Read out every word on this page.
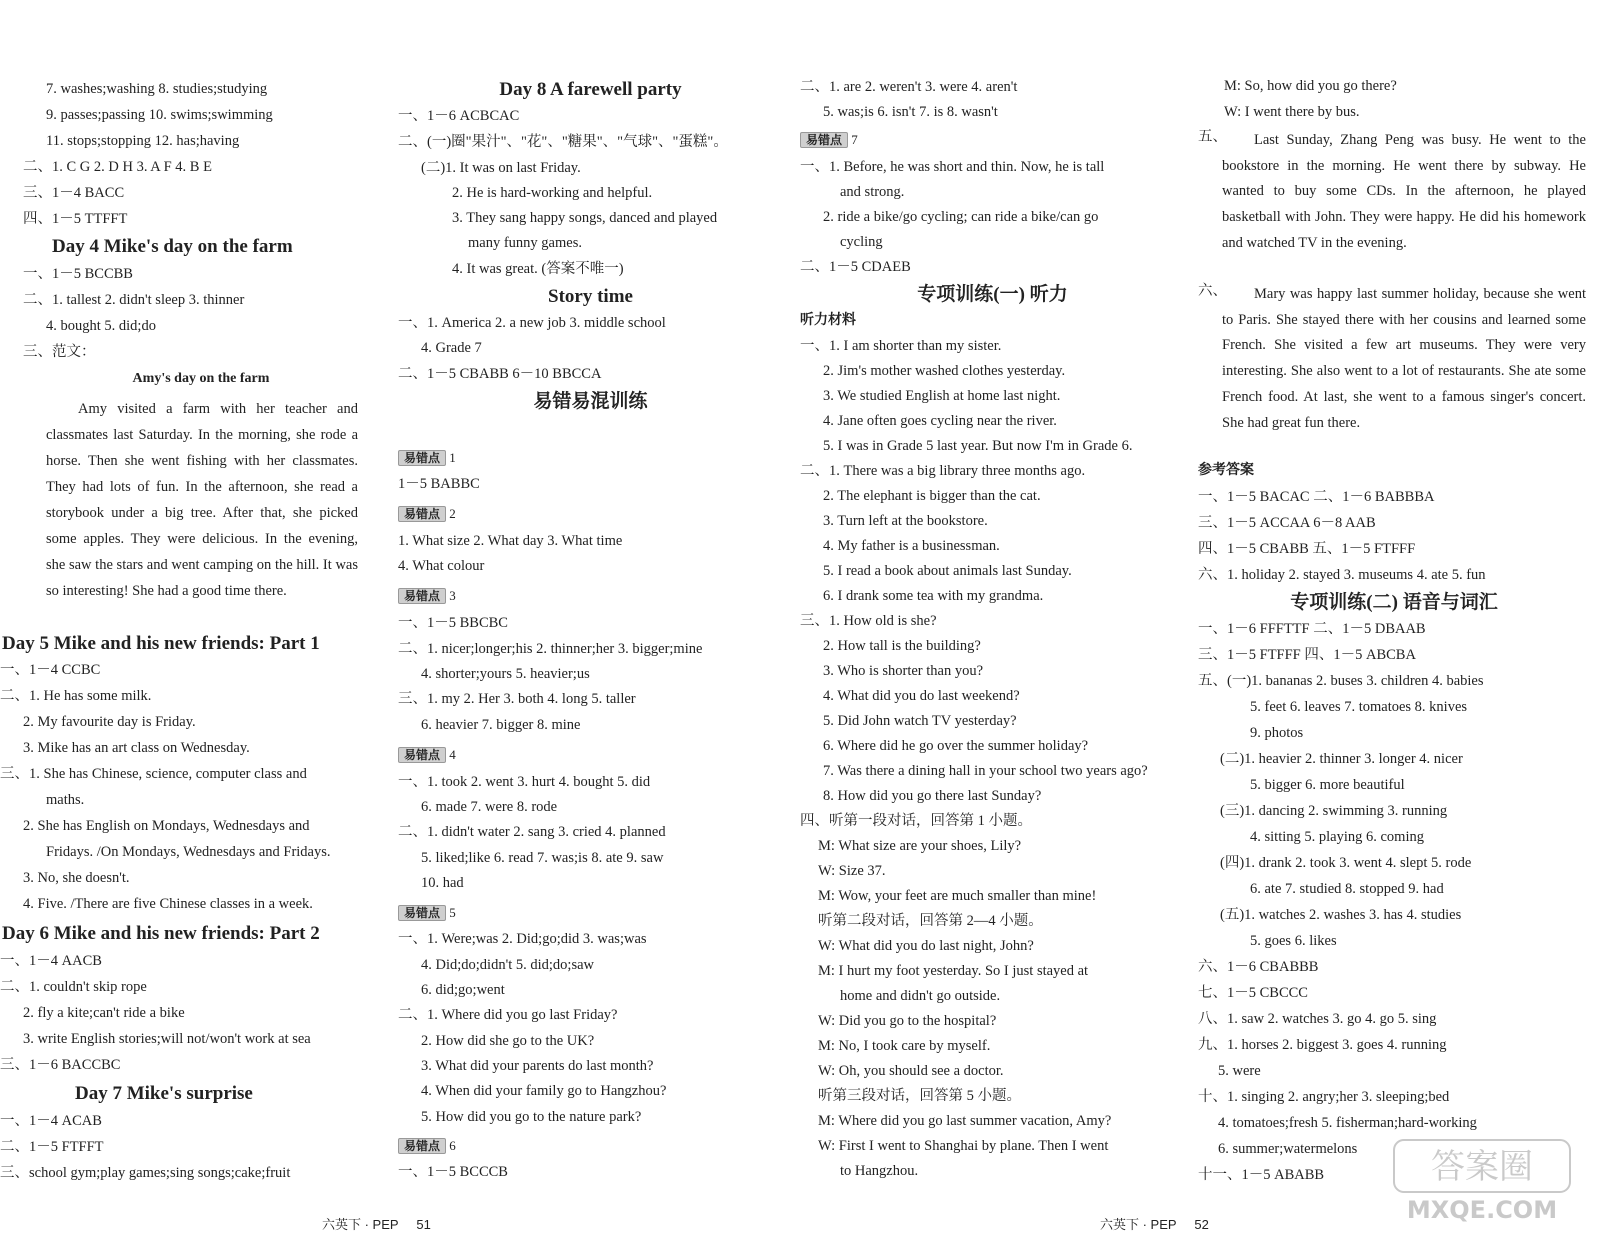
7. washes;washing 8. studies;studying
9. passes;passing 10. swims;swimming
11. stops;stopping 12. has;having
二、1. C G 2. D H 3. A F 4. B E
三、1－4 BACC
四、1－5 TTFFT
Day 4 Mike's day on the farm
一、1－5 BCCBB
二、1. tallest 2. didn't sleep 3. thinner
4. bought 5. did;do
三、范文：
Amy's day on the farm
Amy visited a farm with her teacher and classmates last Saturday. In the morning, she rode a horse. Then she went fishing with her classmates. They had lots of fun. In the afternoon, she read a storybook under a big tree. After that, she picked some apples. They were delicious. In the evening, she saw the stars and went camping on the hill. It was so interesting! She had a good time there.
Day 5 Mike and his new friends: Part 1
一、1－4 CCBC
二、1. He has some milk.
2. My favourite day is Friday.
3. Mike has an art class on Wednesday.
三、1. She has Chinese, science, computer class and
maths.
2. She has English on Mondays, Wednesdays and
Fridays. /On Mondays, Wednesdays and Fridays.
3. No, she doesn't.
4. Five. /There are five Chinese classes in a week.
Day 6 Mike and his new friends: Part 2
一、1－4 AACB
二、1. couldn't skip rope
2. fly a kite;can't ride a bike
3. write English stories;will not/won't work at sea
三、1－6 BACCBC
Day 7 Mike's surprise
一、1－4 ACAB
二、1－5 FTFFT
三、school gym;play games;sing songs;cake;fruit
Day 8 A farewell party
一、1－6 ACBCAC
二、(一)圈"果汁"、"花"、"糖果"、"气球"、"蛋糕"。
(二)1. It was on last Friday.
2. He is hard-working and helpful.
3. They sang happy songs, danced and played
many funny games.
4. It was great. (答案不唯一)
Story time
一、1. America 2. a new job 3. middle school
4. Grade 7
二、1－5 CBABB 6－10 BBCCA
易错易混训练
易错点 1
1－5 BABBC
易错点 2
1. What size 2. What day 3. What time
4. What colour
易错点 3
一、1－5 BBCBC
二、1. nicer;longer;his 2. thinner;her 3. bigger;mine
4. shorter;yours 5. heavier;us
三、1. my 2. Her 3. both 4. long 5. taller
6. heavier 7. bigger 8. mine
易错点 4
一、1. took 2. went 3. hurt 4. bought 5. did
6. made 7. were 8. rode
二、1. didn't water 2. sang 3. cried 4. planned
5. liked;like 6. read 7. was;is 8. ate 9. saw
10. had
易错点 5
一、1. Were;was 2. Did;go;did 3. was;was
4. Did;do;didn't 5. did;do;saw
6. did;go;went
二、1. Where did you go last Friday?
2. How did she go to the UK?
3. What did your parents do last month?
4. When did your family go to Hangzhou?
5. How did you go to the nature park?
易错点 6
一、1－5 BCCCB
二、1. are 2. weren't 3. were 4. aren't
5. was;is 6. isn't 7. is 8. wasn't
易错点 7
一、1. Before, he was short and thin. Now, he is tall
and strong.
2. ride a bike/go cycling; can ride a bike/can go
cycling
二、1－5 CDAEB
专项训练(一) 听力
听力材料
一、1. I am shorter than my sister.
2. Jim's mother washed clothes yesterday.
3. We studied English at home last night.
4. Jane often goes cycling near the river.
5. I was in Grade 5 last year. But now I'm in Grade 6.
二、1. There was a big library three months ago.
2. The elephant is bigger than the cat.
3. Turn left at the bookstore.
4. My father is a businessman.
5. I read a book about animals last Sunday.
6. I drank some tea with my grandma.
三、1. How old is she?
2. How tall is the building?
3. Who is shorter than you?
4. What did you do last weekend?
5. Did John watch TV yesterday?
6. Where did he go over the summer holiday?
7. Was there a dining hall in your school two years ago?
8. How did you go there last Sunday?
四、听第一段对话，回答第 1 小题。
M: What size are your shoes, Lily?
W: Size 37.
M: Wow, your feet are much smaller than mine!
听第二段对话，回答第 2—4 小题。
W: What did you do last night, John?
M: I hurt my foot yesterday. So I just stayed at
home and didn't go outside.
W: Did you go to the hospital?
M: No, I took care by myself.
W: Oh, you should see a doctor.
听第三段对话，回答第 5 小题。
M: Where did you go last summer vacation, Amy?
W: First I went to Shanghai by plane. Then I went
to Hangzhou.
M: So, how did you go there?
W: I went there by bus.
五、	Last Sunday, Zhang Peng was busy. He went to the bookstore in the morning. He went there by subway. He wanted to buy some CDs. In the afternoon, he played basketball with John. They were happy. He did his homework and watched TV in the evening.
六、	Mary was happy last summer holiday, because she went to Paris. She stayed there with her cousins and learned some French. She visited a few art museums. They were very interesting. She also went to a lot of restaurants. She ate some French food. At last, she went to a famous singer's concert. She had great fun there.
参考答案
一、1－5 BACAC 二、1－6 BABBBA
三、1－5 ACCAA 6－8 AAB
四、1－5 CBABB 五、1－5 FTFFF
六、1. holiday 2. stayed 3. museums 4. ate 5. fun
专项训练(二) 语音与词汇
一、1－6 FFFTTF 二、1－5 DBAAB
三、1－5 FTFFF 四、1－5 ABCBA
五、(一)1. bananas 2. buses 3. children 4. babies
5. feet 6. leaves 7. tomatoes 8. knives
9. photos
(二)1. heavier 2. thinner 3. longer 4. nicer
5. bigger 6. more beautiful
(三)1. dancing 2. swimming 3. running
4. sitting 5. playing 6. coming
(四)1. drank 2. took 3. went 4. slept 5. rode
6. ate 7. studied 8. stopped 9. had
(五)1. watches 2. washes 3. has 4. studies
5. goes 6. likes
六、1－6 CBABBB
七、1－5 CBCCC
八、1. saw 2. watches 3. go 4. go 5. sing
九、1. horses 2. biggest 3. goes 4. running
5. were
十、1. singing 2. angry;her 3. sleeping;bed
4. tomatoes;fresh 5. fisherman;hard-working
6. summer;watermelons
十一、1－5 ABABB
六英下 · PEP 51	六英下 · PEP 52
答案圈
MXQE.COM
